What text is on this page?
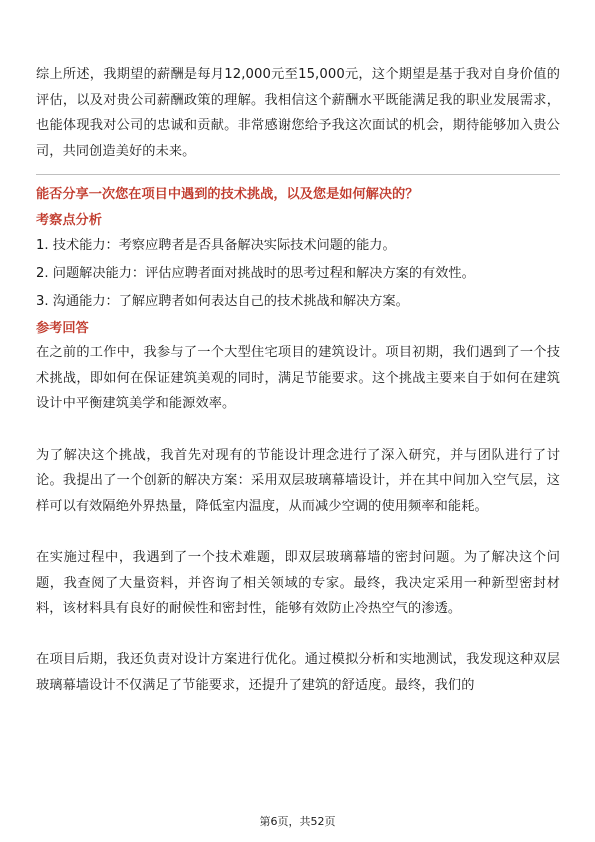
综上所述，我期望的薪酬是每月12,000元至15,000元，这个期望是基于我对自身价值的评估，以及对贵公司薪酬政策的理解。我相信这个薪酬水平既能满足我的职业发展需求，也能体现我对公司的忠诚和贡献。非常感谢您给予我这次面试的机会，期待能够加入贵公司，共同创造美好的未来。

能否分享一次您在项目中遇到的技术挑战，以及您是如何解决的？

考察点分析

1. 技术能力：考察应聘者是否具备解决实际技术问题的能力。

2. 问题解决能力：评估应聘者面对挑战时的思考过程和解决方案的有效性。

3. 沟通能力：了解应聘者如何表达自己的技术挑战和解决方案。

参考回答

在之前的工作中，我参与了一个大型住宅项目的建筑设计。项目初期，我们遇到了一个技术挑战，即如何在保证建筑美观的同时，满足节能要求。这个挑战主要来自于如何在建筑设计中平衡建筑美学和能源效率。

为了解决这个挑战，我首先对现有的节能设计理念进行了深入研究，并与团队进行了讨论。我提出了一个创新的解决方案：采用双层玻璃幕墙设计，并在其中间加入空气层，这样可以有效隔绝外界热量，降低室内温度，从而减少空调的使用频率和能耗。

在实施过程中，我遇到了一个技术难题，即双层玻璃幕墙的密封问题。为了解决这个问题，我查阅了大量资料，并咨询了相关领域的专家。最终，我决定采用一种新型密封材料，该材料具有良好的耐候性和密封性，能够有效防止冷热空气的渗透。

在项目后期，我还负责对设计方案进行优化。通过模拟分析和实地测试，我发现这种双层玻璃幕墙设计不仅满足了节能要求，还提升了建筑的舒适度。最终，我们的

第6页，共52页
